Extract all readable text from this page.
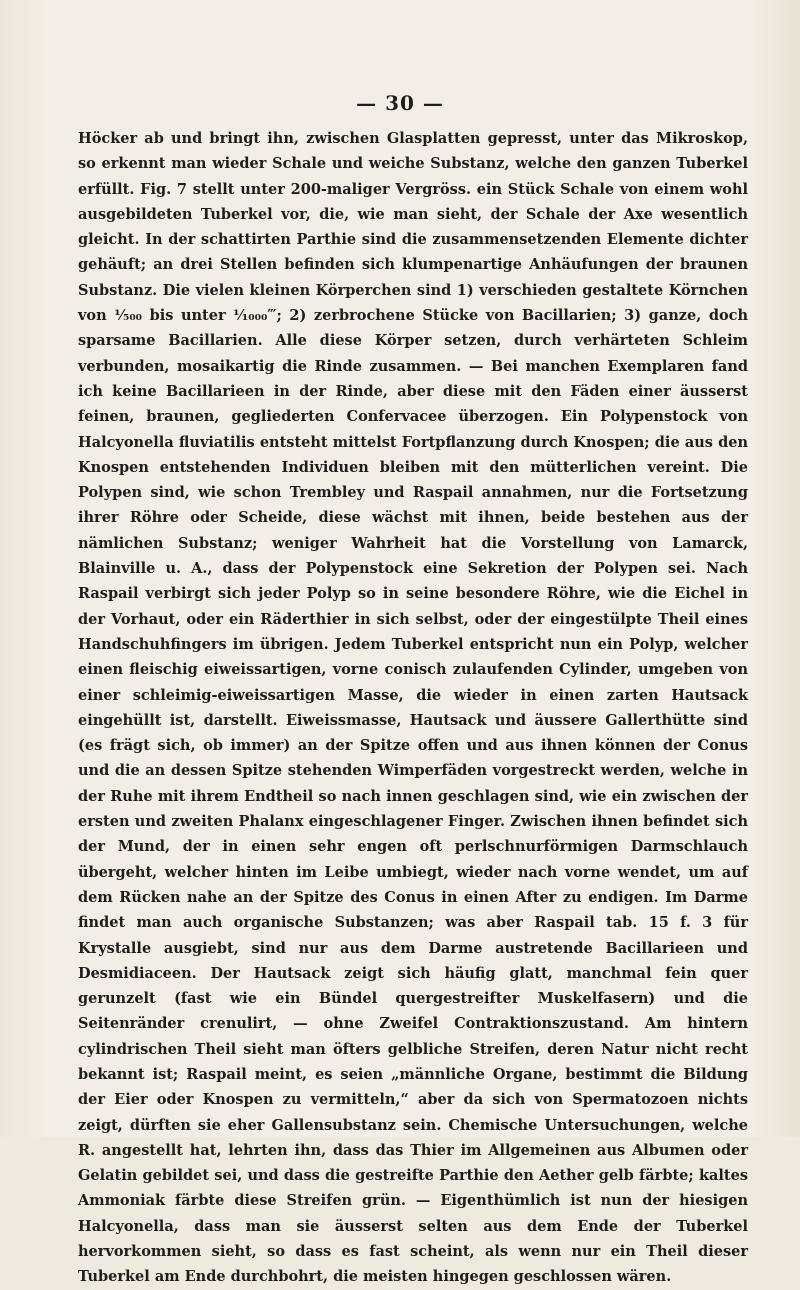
— 30 —

Höcker ab und bringt ihn, zwischen Glasplatten gepresst, unter das Mikroskop, so erkennt man wieder Schale und weiche Substanz, welche den ganzen Tuberkel erfüllt. Fig. 7 stellt unter 200-maliger Vergröss. ein Stück Schale von einem wohl ausgebildeten Tuberkel vor, die, wie man sieht, der Schale der Axe wesentlich gleicht. In der schattirten Parthie sind die zusammensetzenden Elemente dichter gehäuft; an drei Stellen befinden sich klumpenartige Anhäufungen der braunen Substanz. Die vielen kleinen Körperchen sind 1) verschieden gestaltete Körnchen von ¹⁄₅₀₀ bis unter ¹⁄₁₀₀₀‴; 2) zerbrochene Stücke von Bacillarien; 3) ganze, doch sparsame Bacillarien. Alle diese Körper setzen, durch verhärteten Schleim verbunden, mosaikartig die Rinde zusammen. — Bei manchen Exemplaren fand ich keine Bacillarieen in der Rinde, aber diese mit den Fäden einer äusserst feinen, braunen, gegliederten Confervacee überzogen. Ein Polypenstock von Halcyonella fluviatilis entsteht mittelst Fortpflanzung durch Knospen; die aus den Knospen entstehenden Individuen bleiben mit den mütterlichen vereint. Die Polypen sind, wie schon Trembley und Raspail annahmen, nur die Fortsetzung ihrer Röhre oder Scheide, diese wächst mit ihnen, beide bestehen aus der nämlichen Substanz; weniger Wahrheit hat die Vorstellung von Lamarck, Blainville u. A., dass der Polypenstock eine Sekretion der Polypen sei. Nach Raspail verbirgt sich jeder Polyp so in seine besondere Röhre, wie die Eichel in der Vorhaut, oder ein Räderthier in sich selbst, oder der eingestülpte Theil eines Handschuhfingers im übrigen. Jedem Tuberkel entspricht nun ein Polyp, welcher einen fleischig eiweissartigen, vorne conisch zulaufenden Cylinder, umgeben von einer schleimig-eiweissartigen Masse, die wieder in einen zarten Hautsack eingehüllt ist, darstellt. Eiweissmasse, Hautsack und äussere Gallerthütte sind (es frägt sich, ob immer) an der Spitze offen und aus ihnen können der Conus und die an dessen Spitze stehenden Wimperfäden vorgestreckt werden, welche in der Ruhe mit ihrem Endtheil so nach innen geschlagen sind, wie ein zwischen der ersten und zweiten Phalanx eingeschlagener Finger. Zwischen ihnen befindet sich der Mund, der in einen sehr engen oft perlschnurförmigen Darmschlauch übergeht, welcher hinten im Leibe umbiegt, wieder nach vorne wendet, um auf dem Rücken nahe an der Spitze des Conus in einen After zu endigen. Im Darme findet man auch organische Substanzen; was aber Raspail tab. 15 f. 3 für Krystalle ausgiebt, sind nur aus dem Darme austretende Bacillarieen und Desmidiaceen. Der Hautsack zeigt sich häufig glatt, manchmal fein quer gerunzelt (fast wie ein Bündel quergestreifter Muskelfasern) und die Seitenränder crenulirt, — ohne Zweifel Contraktionszustand. Am hintern cylindrischen Theil sieht man öfters gelbliche Streifen, deren Natur nicht recht bekannt ist; Raspail meint, es seien „männliche Organe, bestimmt die Bildung der Eier oder Knospen zu vermitteln,“ aber da sich von Spermatozoen nichts zeigt, dürften sie eher Gallensubstanz sein. Chemische Untersuchungen, welche R. angestellt hat, lehrten ihn, dass das Thier im Allgemeinen aus Albumen oder Gelatin gebildet sei, und dass die gestreifte Parthie den Aether gelb färbte; kaltes Ammoniak färbte diese Streifen grün. — Eigenthümlich ist nun der hiesigen Halcyonella, dass man sie äusserst selten aus dem Ende der Tuberkel hervorkommen sieht, so dass es fast scheint, als wenn nur ein Theil dieser Tuberkel am Ende durchbohrt, die meisten hingegen geschlossen wären.
